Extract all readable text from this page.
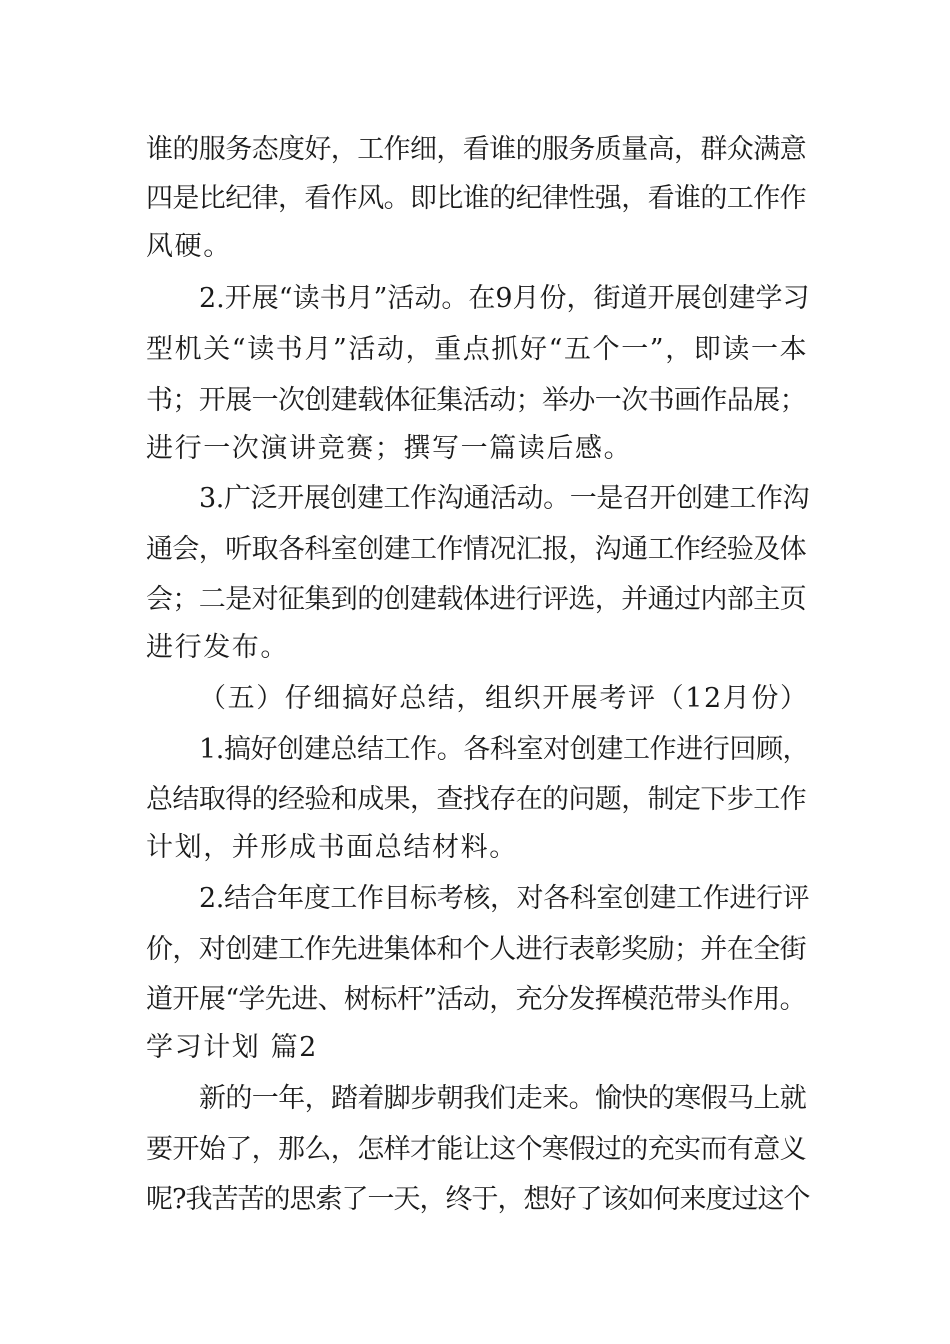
谁的服务态度好，工作细，看谁的服务质量高，群众满意
四是比纪律，看作风。即比谁的纪律性强，看谁的工作作
风硬。
2.开展“读书月”活动。在9月份，街道开展创建学习
型机关“读书月”活动，重点抓好“五个一”，即读一本
书；开展一次创建载体征集活动；举办一次书画作品展；
进行一次演讲竞赛；撰写一篇读后感。
3.广泛开展创建工作沟通活动。一是召开创建工作沟
通会，听取各科室创建工作情况汇报，沟通工作经验及体
会；二是对征集到的创建载体进行评选，并通过内部主页
进行发布。
（五）仔细搞好总结，组织开展考评（12月份）
1.搞好创建总结工作。各科室对创建工作进行回顾，
总结取得的经验和成果，查找存在的问题，制定下步工作
计划，并形成书面总结材料。
2.结合年度工作目标考核，对各科室创建工作进行评
价，对创建工作先进集体和个人进行表彰奖励；并在全街
道开展“学先进、树标杆”活动，充分发挥模范带头作用。
学习计划 篇2
新的一年，踏着脚步朝我们走来。愉快的寒假马上就
要开始了，那么，怎样才能让这个寒假过的充实而有意义
呢?我苦苦的思索了一天，终于，想好了该如何来度过这个
